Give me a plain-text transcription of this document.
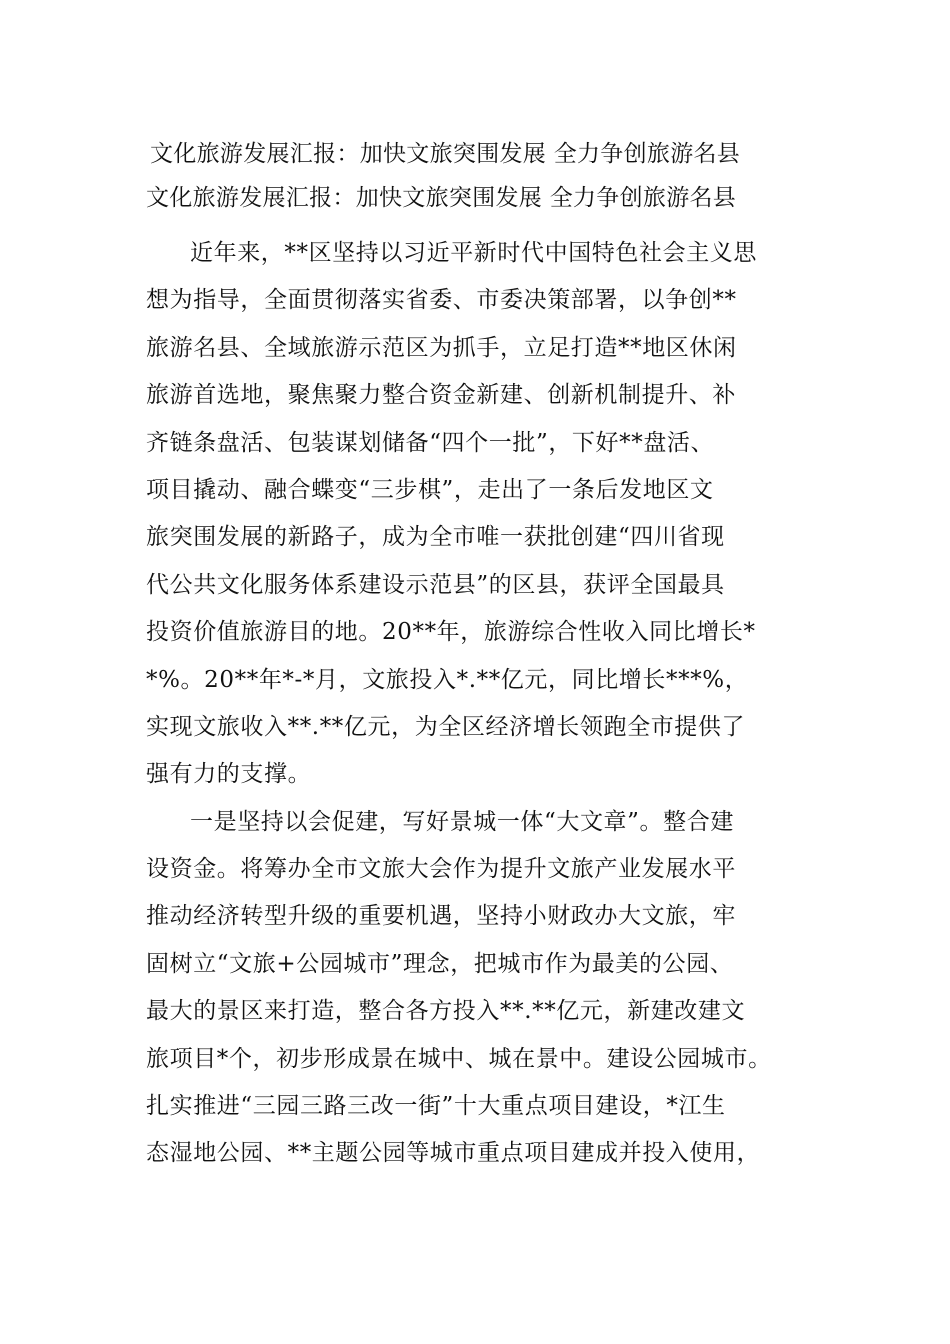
文化旅游发展汇报：加快文旅突围发展 全力争创旅游名县
文化旅游发展汇报：加快文旅突围发展 全力争创旅游名县
近年来，**区坚持以习近平新时代中国特色社会主义思
想为指导，全面贯彻落实省委、市委决策部署，以争创**
旅游名县、全域旅游示范区为抓手，立足打造**地区休闲
旅游首选地，聚焦聚力整合资金新建、创新机制提升、补
齐链条盘活、包装谋划储备“四个一批”，下好**盘活、
项目撬动、融合蝶变“三步棋”，走出了一条后发地区文
旅突围发展的新路子，成为全市唯一获批创建“四川省现
代公共文化服务体系建设示范县”的区县，获评全国最具
投资价值旅游目的地。20**年，旅游综合性收入同比增长*
*%。20**年*-*月，文旅投入*.**亿元，同比增长***%，
实现文旅收入**.**亿元，为全区经济增长领跑全市提供了
强有力的支撑。
一是坚持以会促建，写好景城一体“大文章”。整合建
设资金。将筹办全市文旅大会作为提升文旅产业发展水平
推动经济转型升级的重要机遇，坚持小财政办大文旅，牢
固树立“文旅+公园城市”理念，把城市作为最美的公园、
最大的景区来打造，整合各方投入**.**亿元，新建改建文
旅项目*个，初步形成景在城中、城在景中。建设公园城市。
扎实推进“三园三路三改一街”十大重点项目建设，*江生
态湿地公园、**主题公园等城市重点项目建成并投入使用，
